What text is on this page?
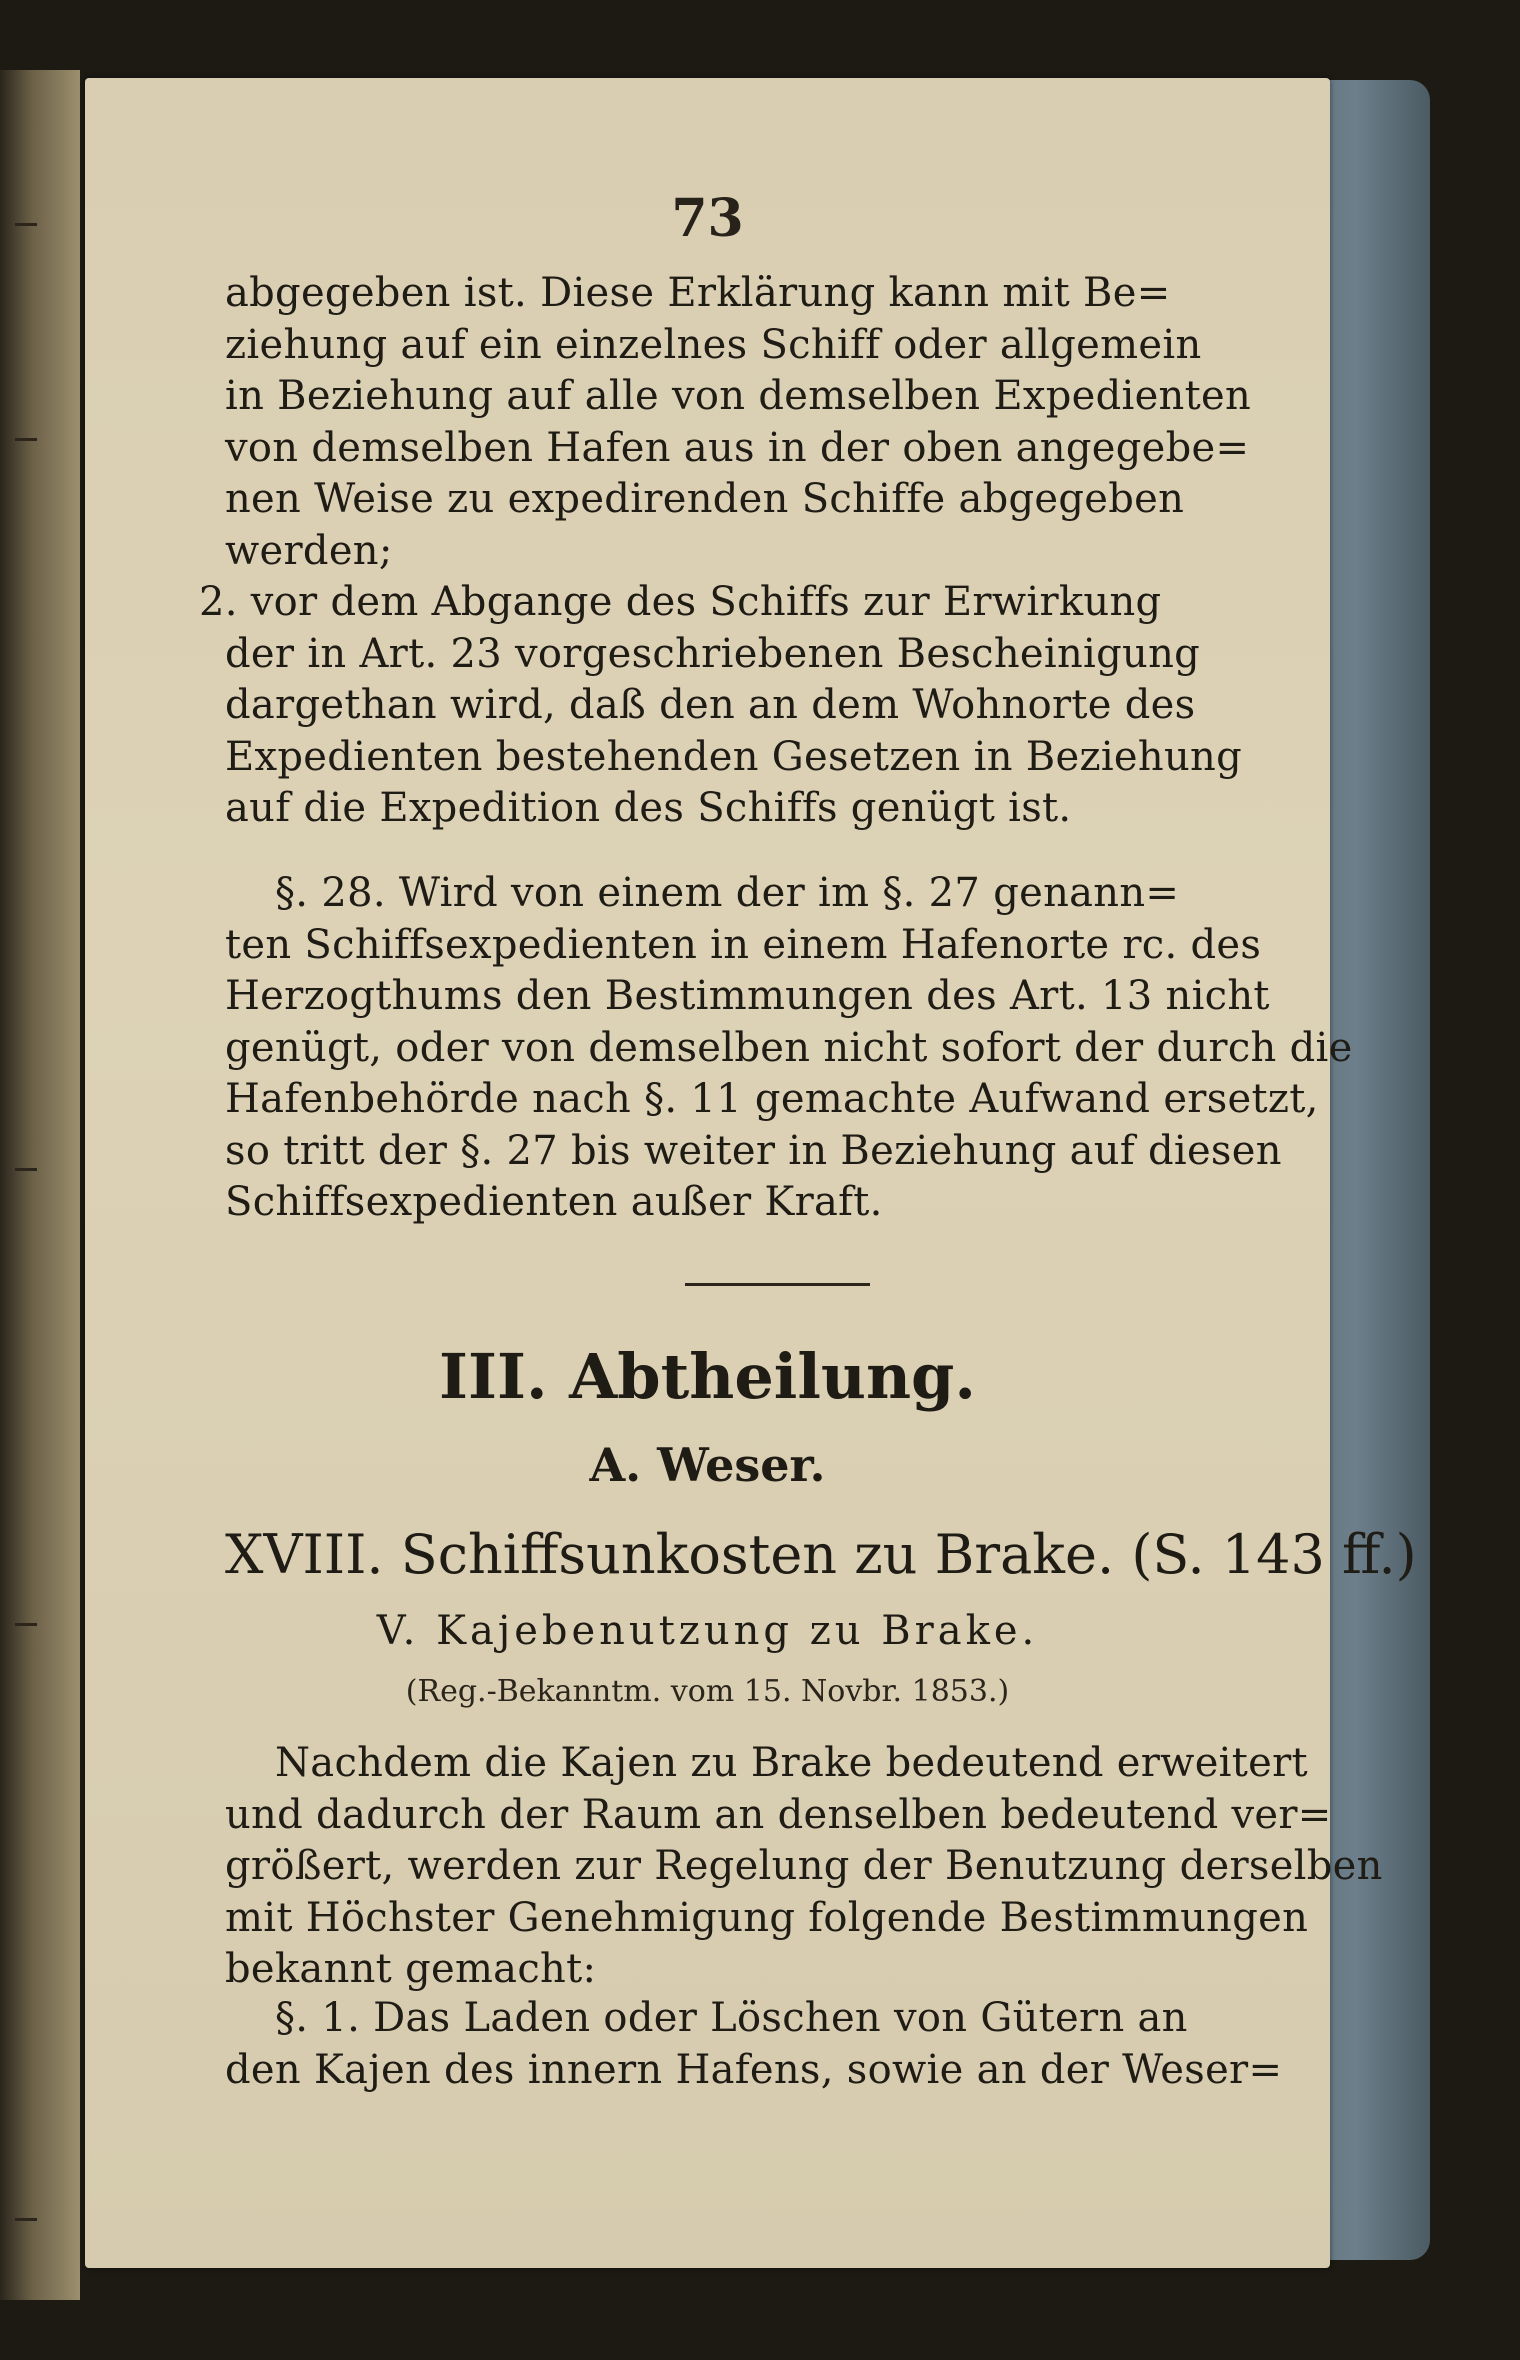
73
abgegeben ist. Diese Erklärung kann mit Be=
ziehung auf ein einzelnes Schiff oder allgemein
in Beziehung auf alle von demselben Expedienten
von demselben Hafen aus in der oben angegebe=
nen Weise zu expedirenden Schiffe abgegeben
werden;
2. vor dem Abgange des Schiffs zur Erwirkung
der in Art. 23 vorgeschriebenen Bescheinigung
dargethan wird, daß den an dem Wohnorte des
Expedienten bestehenden Gesetzen in Beziehung
auf die Expedition des Schiffs genügt ist.
§. 28. Wird von einem der im §. 27 genann=
ten Schiffsexpedienten in einem Hafenorte rc. des
Herzogthums den Bestimmungen des Art. 13 nicht
genügt, oder von demselben nicht sofort der durch die
Hafenbehörde nach §. 11 gemachte Aufwand ersetzt,
so tritt der §. 27 bis weiter in Beziehung auf diesen
Schiffsexpedienten außer Kraft.
III. Abtheilung.
A. Weser.
XVIII. Schiffsunkosten zu Brake. (S. 143 ff.)
V. Kajebenutzung zu Brake.
(Reg.-Bekanntm. vom 15. Novbr. 1853.)
Nachdem die Kajen zu Brake bedeutend erweitert
und dadurch der Raum an denselben bedeutend ver=
größert, werden zur Regelung der Benutzung derselben
mit Höchster Genehmigung folgende Bestimmungen
bekannt gemacht:
§. 1. Das Laden oder Löschen von Gütern an
den Kajen des innern Hafens, sowie an der Weser=
